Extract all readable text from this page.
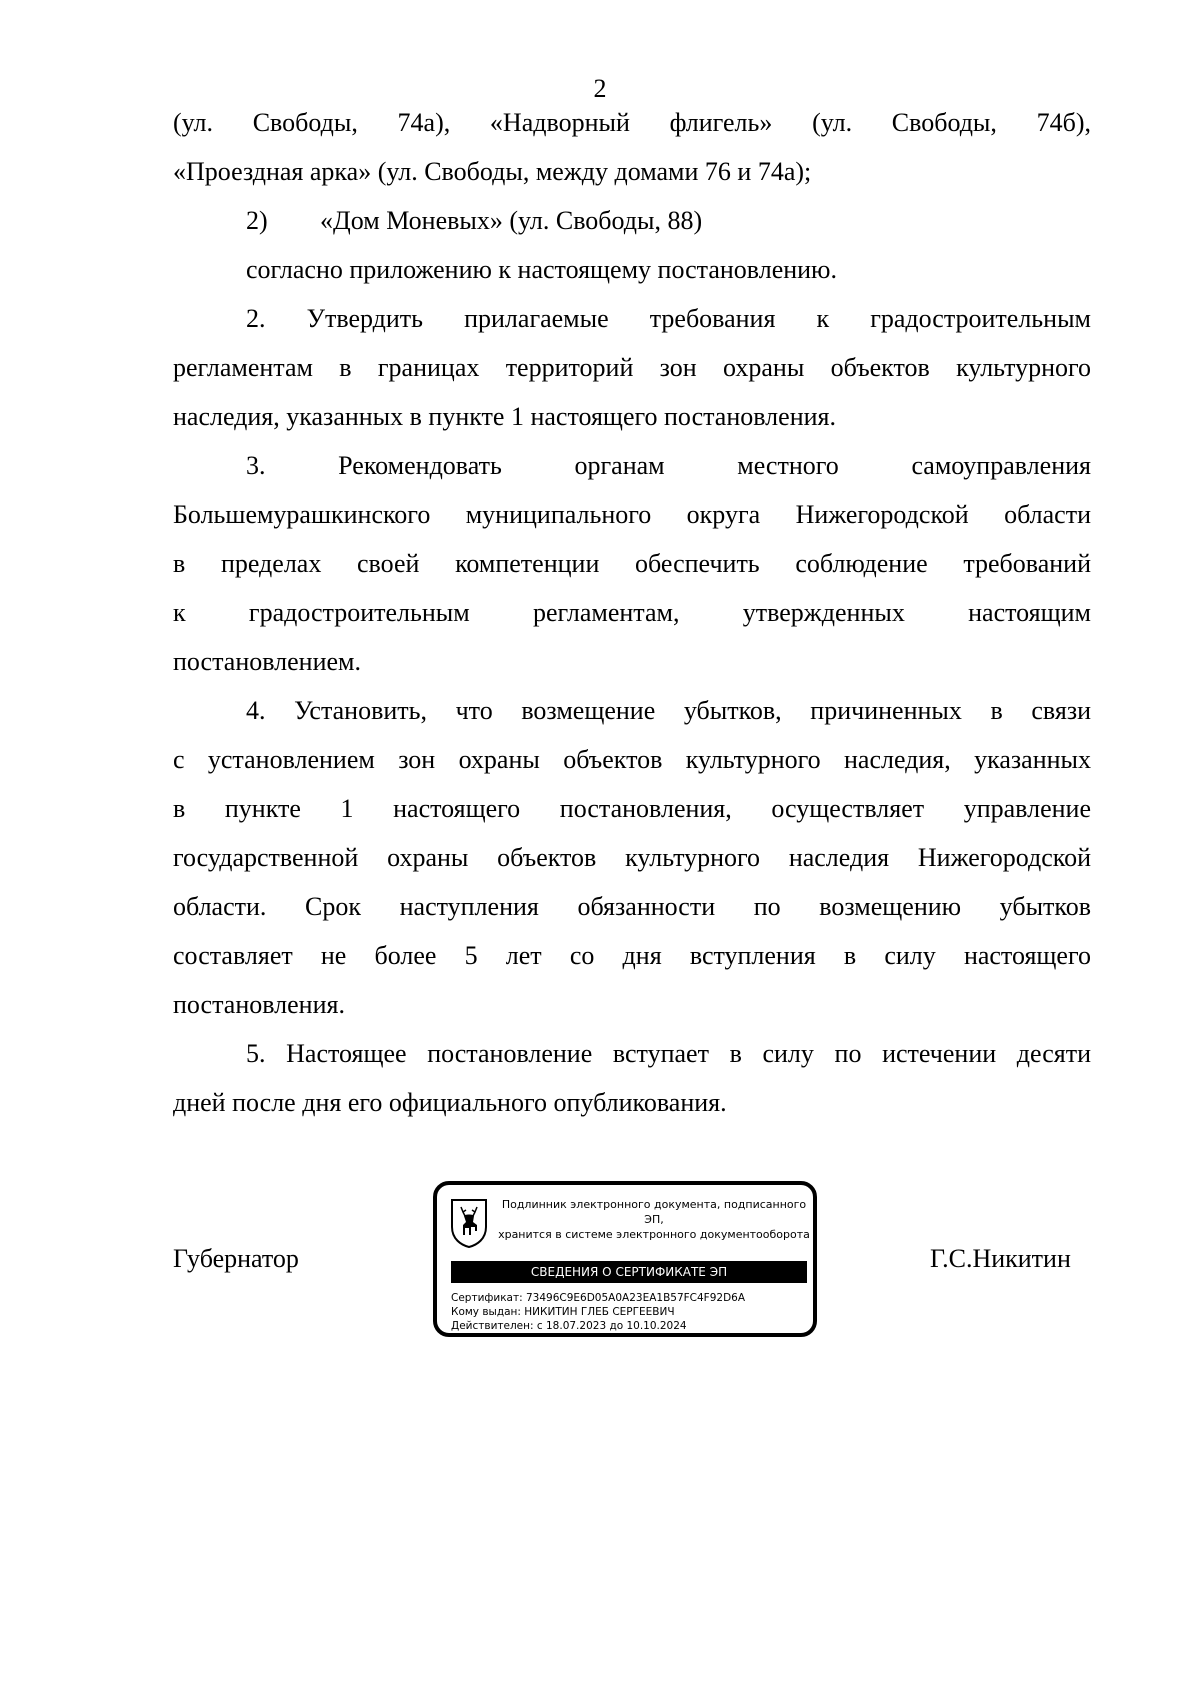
2
(ул. Свободы, 74а), «Надворный флигель» (ул. Свободы, 74б),
«Проездная арка» (ул. Свободы, между домами 76 и 74а);
2) «Дом Моневых» (ул. Свободы, 88)
согласно приложению к настоящему постановлению.
2. Утвердить прилагаемые требования к градостроительным
регламентам в границах территорий зон охраны объектов культурного
наследия, указанных в пункте 1 настоящего постановления.
3. Рекомендовать органам местного самоуправления
Большемурашкинского муниципального округа Нижегородской области
в пределах своей компетенции обеспечить соблюдение требований
к градостроительным регламентам, утвержденных настоящим
постановлением.
4. Установить, что возмещение убытков, причиненных в связи
с установлением зон охраны объектов культурного наследия, указанных
в пункте 1 настоящего постановления, осуществляет управление
государственной охраны объектов культурного наследия Нижегородской
области. Срок наступления обязанности по возмещению убытков
составляет не более 5 лет со дня вступления в силу настоящего
постановления.
5. Настоящее постановление вступает в силу по истечении десяти
дней после дня его официального опубликования.
Губернатор
Подлинник электронного документа, подписанного ЭП,
хранится в системе электронного документооборота
СВЕДЕНИЯ О СЕРТИФИКАТЕ ЭП
Сертификат: 73496C9E6D05A0A23EA1B57FC4F92D6A
Кому выдан: НИКИТИН ГЛЕБ СЕРГЕЕВИЧ
Действителен: с 18.07.2023 до 10.10.2024
Г.С.Никитин
